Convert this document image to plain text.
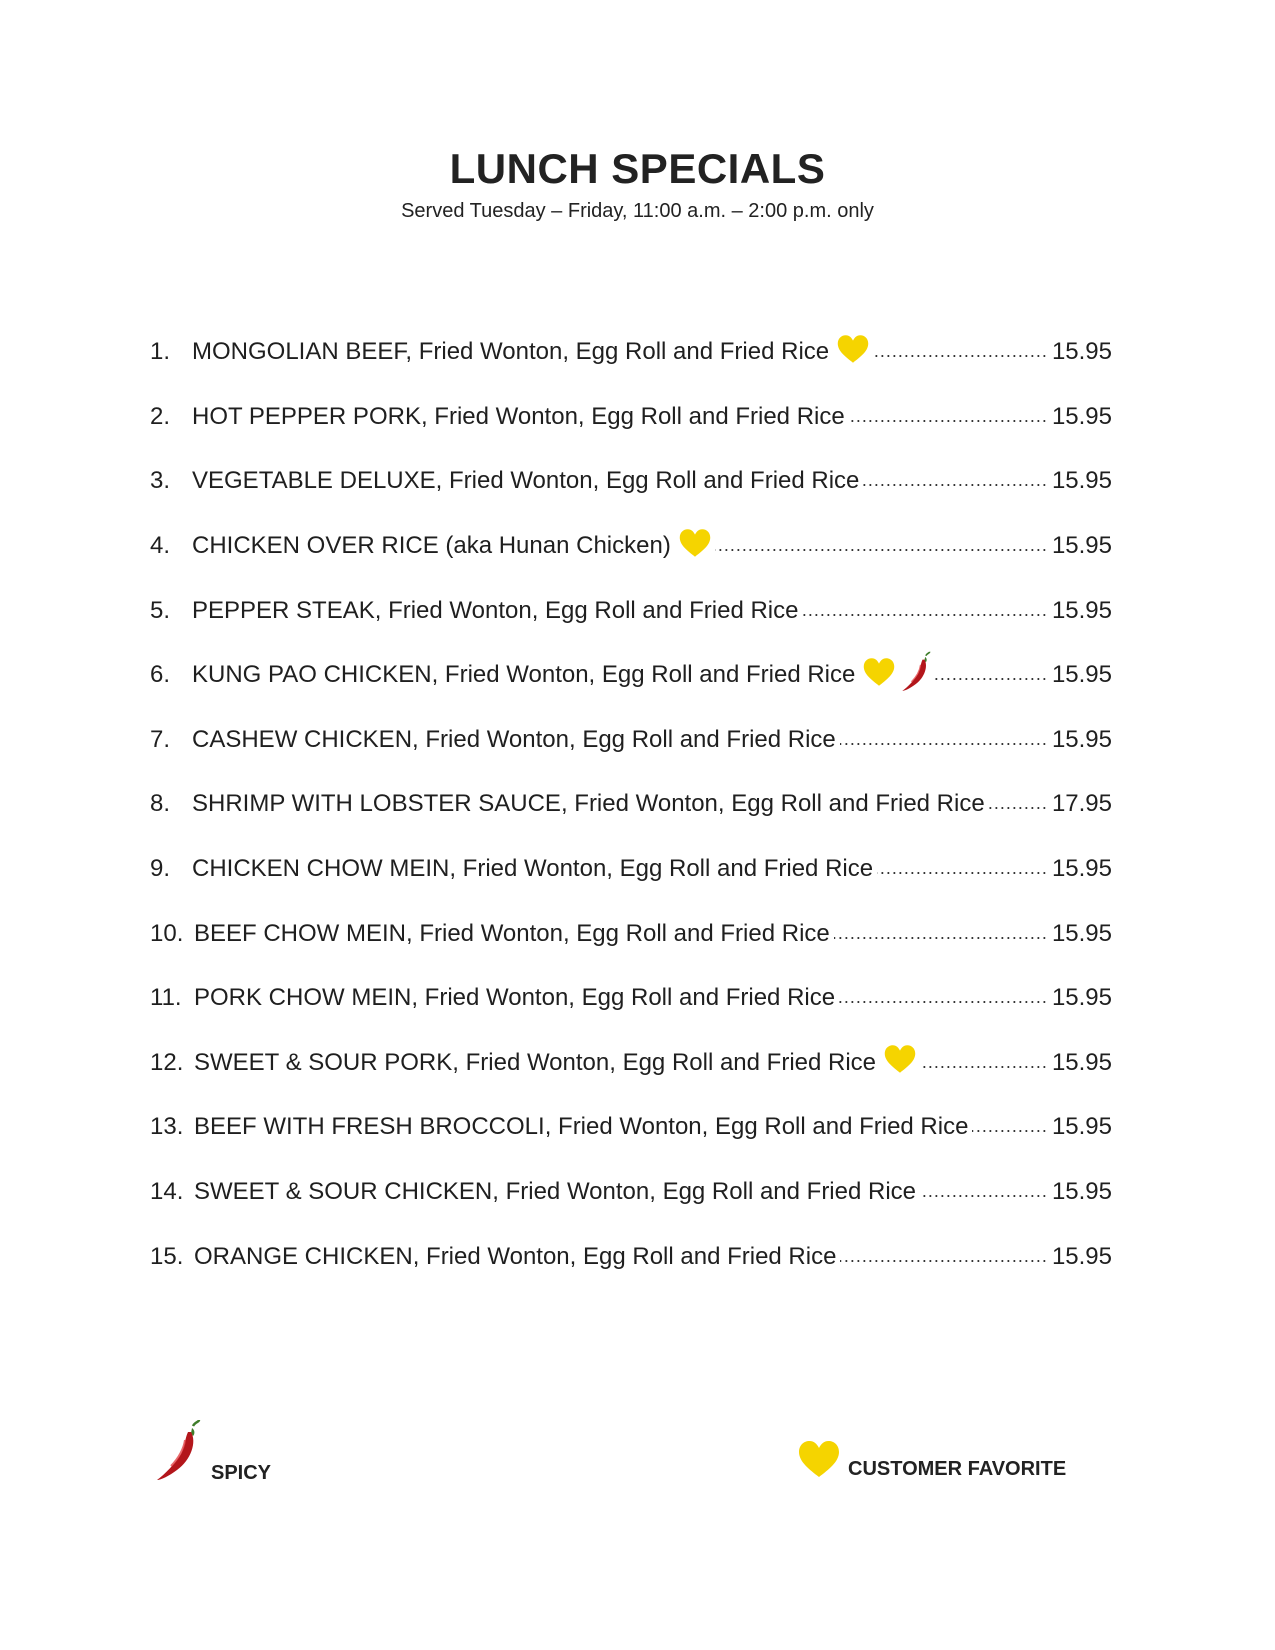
LUNCH SPECIALS
Served Tuesday – Friday, 11:00 a.m. – 2:00 p.m. only
1. MONGOLIAN BEEF, Fried Wonton, Egg Roll and Fried Rice .....	15.95
2. HOT PEPPER PORK, Fried Wonton, Egg Roll and Fried Rice .....	15.95
3. VEGETABLE DELUXE, Fried Wonton, Egg Roll and Fried Rice .....	15.95
4. CHICKEN OVER RICE (aka Hunan Chicken) .....	15.95
5. PEPPER STEAK, Fried Wonton, Egg Roll and Fried Rice .....	15.95
6. KUNG PAO CHICKEN, Fried Wonton, Egg Roll and Fried Rice .....	15.95
7. CASHEW CHICKEN, Fried Wonton, Egg Roll and Fried Rice .....	15.95
8. SHRIMP WITH LOBSTER SAUCE, Fried Wonton, Egg Roll and Fried Rice .....	17.95
9. CHICKEN CHOW MEIN, Fried Wonton, Egg Roll and Fried Rice .....	15.95
10. BEEF CHOW MEIN, Fried Wonton, Egg Roll and Fried Rice .....	15.95
11. PORK CHOW MEIN, Fried Wonton, Egg Roll and Fried Rice .....	15.95
12. SWEET & SOUR PORK, Fried Wonton, Egg Roll and Fried Rice .....	15.95
13. BEEF WITH FRESH BROCCOLI, Fried Wonton, Egg Roll and Fried Rice .....	15.95
14. SWEET & SOUR CHICKEN, Fried Wonton, Egg Roll and Fried Rice .....	15.95
15. ORANGE CHICKEN, Fried Wonton, Egg Roll and Fried Rice .....	15.95
SPICY	CUSTOMER FAVORITE
